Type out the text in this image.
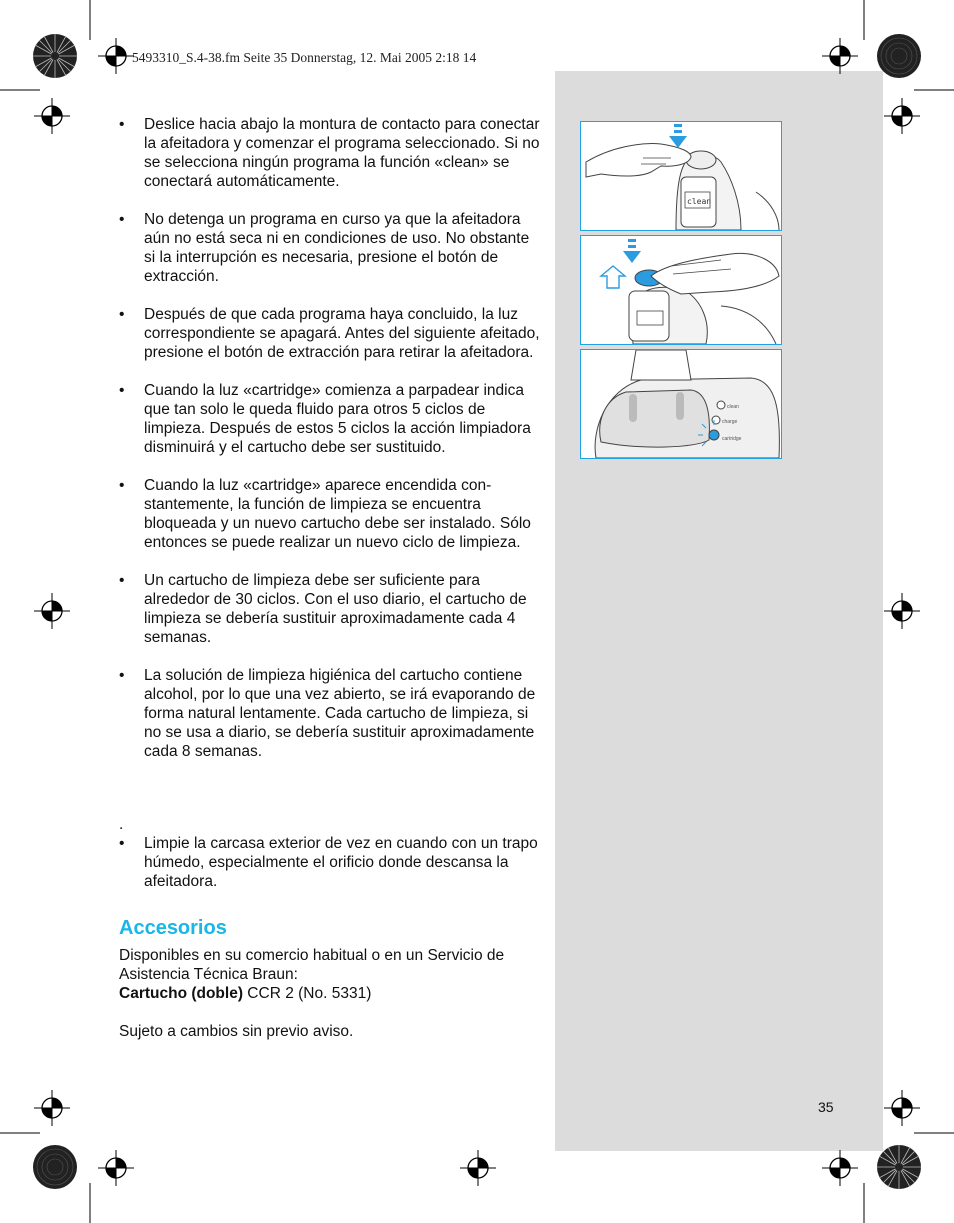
5493310_S.4-38.fm Seite 35 Donnerstag, 12. Mai 2005 2:18 14
• Deslice hacia abajo la montura de contacto para conectar la afeitadora y comenzar el programa seleccionado. Si no se selecciona ningún programa la función «clean» se conectará automáticamente.
• No detenga un programa en curso ya que la afeitadora aún no está seca ni en condiciones de uso. No obstante si la interrupción es necesaria, presione el botón de extracción.
• Después de que cada programa haya concluido, la luz correspondiente se apagará. Antes del siguiente afeitado, presione el botón de extracción para retirar la afeitadora.
• Cuando la luz «cartridge» comienza a parpadear indica que tan solo le queda fluido para otros 5 ciclos de limpieza. Después de estos 5 ciclos la acción limpiadora disminuirá y el cartucho debe ser sustituido.
• Cuando la luz «cartridge» aparece encendida con-stantemente, la función de limpieza se encuentra bloqueada y un nuevo cartucho debe ser instalado. Sólo entonces se puede realizar un nuevo ciclo de limpieza.
• Un cartucho de limpieza debe ser suficiente para alrededor de 30 ciclos. Con el uso diario, el cartucho de limpieza se debería sustituir aproximadamente cada 4 semanas.
• La solución de limpieza higiénica del cartucho contiene alcohol, por lo que una vez abierto, se irá evaporando de forma natural lentamente. Cada cartucho de limpieza, si no se usa a diario, se debería sustituir aproximadamente cada 8 semanas.
.
• Limpie la carcasa exterior de vez en cuando con un trapo húmedo, especialmente el orificio donde descansa la afeitadora.
Accesorios
Disponibles en su comercio habitual o en un Servicio de Asistencia Técnica Braun:
Cartucho (doble) CCR 2 (No. 5331)
Sujeto a cambios sin previo aviso.
35
clean
clean
charge
cartridge
